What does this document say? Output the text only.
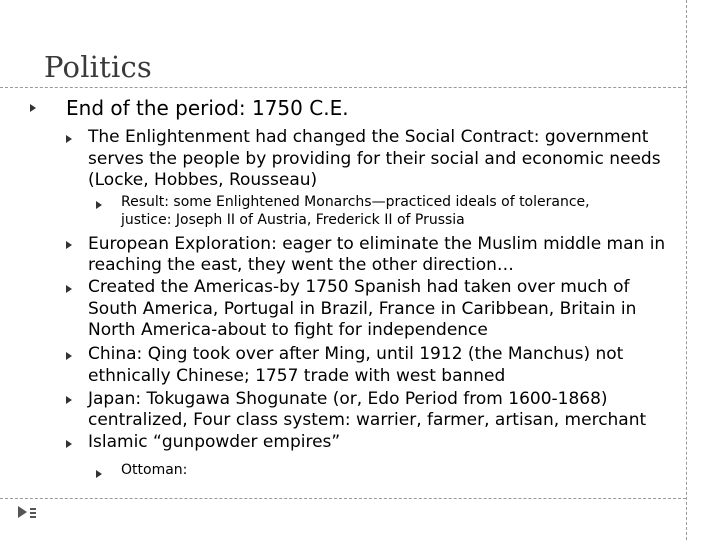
Politics
End of the period: 1750 C.E.
The Enlightenment had changed the Social Contract: government
serves the people by providing for their social and economic needs
(Locke, Hobbes, Rousseau)
Result: some Enlightened Monarchs—practiced ideals of tolerance,
justice: Joseph II of Austria, Frederick II of Prussia
European Exploration: eager to eliminate the Muslim middle man in
reaching the east, they went the other direction…
Created the Americas-by 1750 Spanish had taken over much of
South America, Portugal in Brazil, France in Caribbean, Britain in
North America-about to fight for independence
China: Qing took over after Ming, until 1912 (the Manchus) not
ethnically Chinese; 1757 trade with west banned
Japan: Tokugawa Shogunate (or, Edo Period from 1600-1868)
centralized, Four class system: warrier, farmer, artisan, merchant
Islamic “gunpowder empires”
Ottoman:
